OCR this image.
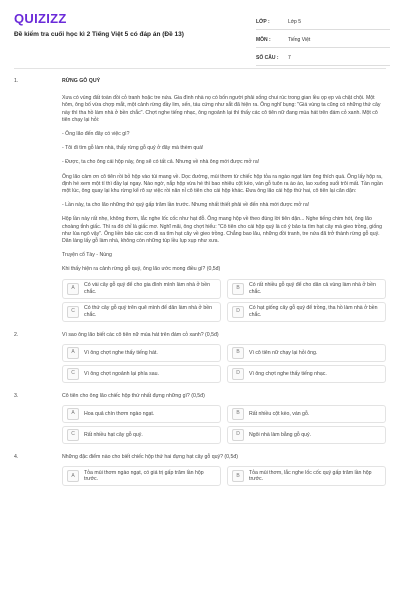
QUIZIZZ
Đề kiểm tra cuối học kì 2 Tiếng Việt 5 có đáp án (Đề 13)
LỚP :	Lớp 5
MÔN :	Tiếng Việt
SỐ CÂU :	7
1.	RỪNG GỖ QUÝ

Xưa có vùng đất toàn đồi cỏ tranh hoặc tre nứa. Gia đình nhà nọ có bốn người phải sống chui rúc trong gian lều ọp ẹp và chật chội. Một hôm, ông bố vừa chợp mắt, một cảnh rừng đầy lim, sến, táu cứng như sắt đã hiện ra. Ông nghĩ bụng: "Giá vùng ta cũng có những thứ cây này thì tha hồ làm nhà ở bền chắc". Chợt nghe tiếng nhạc, ông ngoảnh lại thì thấy các cô tiên nữ đang múa hát trên đám cỏ xanh. Một cô tiên chạy lại hỏi:

- Ông lão đến đây có việc gì?

- Tôi đi tìm gỗ làm nhà, thấy rừng gỗ quý ở đây mà thèm quá!

- Được, ta cho ông cái hộp này, ông sẽ có tất cả. Nhưng về nhà ông mới được mở ra!

Ông lão cảm ơn cô tiên rồi bỏ hộp vào túi mang về. Dọc đường, mùi thơm từ chiếc hộp tỏa ra ngào ngạt làm ông thích quá. Ông lấy hộp ra, định hé xem một tí thì đầy lại ngay. Nào ngờ, nắp hộp vừa hé thì bao nhiêu cột kèo, ván gỗ tuôn ra ào ào, lao xuống suối trôi mất. Tần ngần một lúc, ông quay lại khu rừng kể rõ sự việc rồi năn nỉ cô tiên cho cái hộp khác. Đưa ông lão cái hộp thứ hai, cô tiên lại căn dặn:

- Lần này, ta cho lão những thứ quý gấp trăm lần trước. Nhưng nhất thiết phải về đến nhà mới được mở ra!

Hộp lần này rất nhẹ, không thơm, lắc nghe lốc cốc như hạt đỗ. Ông mang hộp về theo đúng lời tiên dặn... Nghe tiếng chim hót, ông lão choàng tỉnh giấc. Thì ra đó chỉ là giấc mơ. Nghĩ mãi, ông chợt hiểu: "Cô tiên cho cái hộp quý là có ý bảo ta tìm hạt cây mà gieo trồng, giống như lúa ngô vậy". Ông liền bảo các con đi xa tìm hạt cây về gieo trồng. Chẳng bao lâu, những đồi tranh, tre nứa đã trở thành rừng gỗ quý. Dân làng lấy gỗ làm nhà, không còn những túp lều lụp xụp như xưa.

Truyện cổ Tày - Nùng

Khi thấy hiện ra cảnh rừng gỗ quý, ông lão ước mong điều gì? (0,5đ)

A	Có vài cây gỗ quý để cho gia đình mình làm nhà ở bền chắc.
B	Có rất nhiều gỗ quý để cho dân cả vùng làm nhà ở bền chắc.
C	Có thứ cây gỗ quý trên quê mình để dân làm nhà ở bền chắc.
D	Có hạt giống cây gỗ quý để trồng, tha hồ làm nhà ở bền chắc.
2.	Vì sao ông lão biết các cô tiên nữ múa hát trên đám cỏ xanh? (0,5đ)
A	Vì ông chợt nghe thấy tiếng hát.	B	Vì cô tiên nữ chạy lại hỏi ông.
C	Vì ông chợt ngoảnh lại phía sau.	D	Vì ông chợt nghe thấy tiếng nhạc.
3.	Cô tiên cho ông lão chiếc hộp thứ nhất đựng những gì? (0,5đ)
A	Hoa quả chín thơm ngào ngạt.	B	Rất nhiều cột kèo, ván gỗ.
C	Rất nhiều hạt cây gỗ quý.	D	Ngôi nhà làm bằng gỗ quý.
4.	Những đặc điểm nào cho biết chiếc hộp thứ hai đựng hạt cây gỗ quý? (0,5đ)
A	Tỏa mùi thơm ngào ngạt, có giá trị gấp trăm lần hộp trước.
B	Tỏa mùi thơm, lắc nghe lốc cốc quý gấp trăm lần hộp trước.
